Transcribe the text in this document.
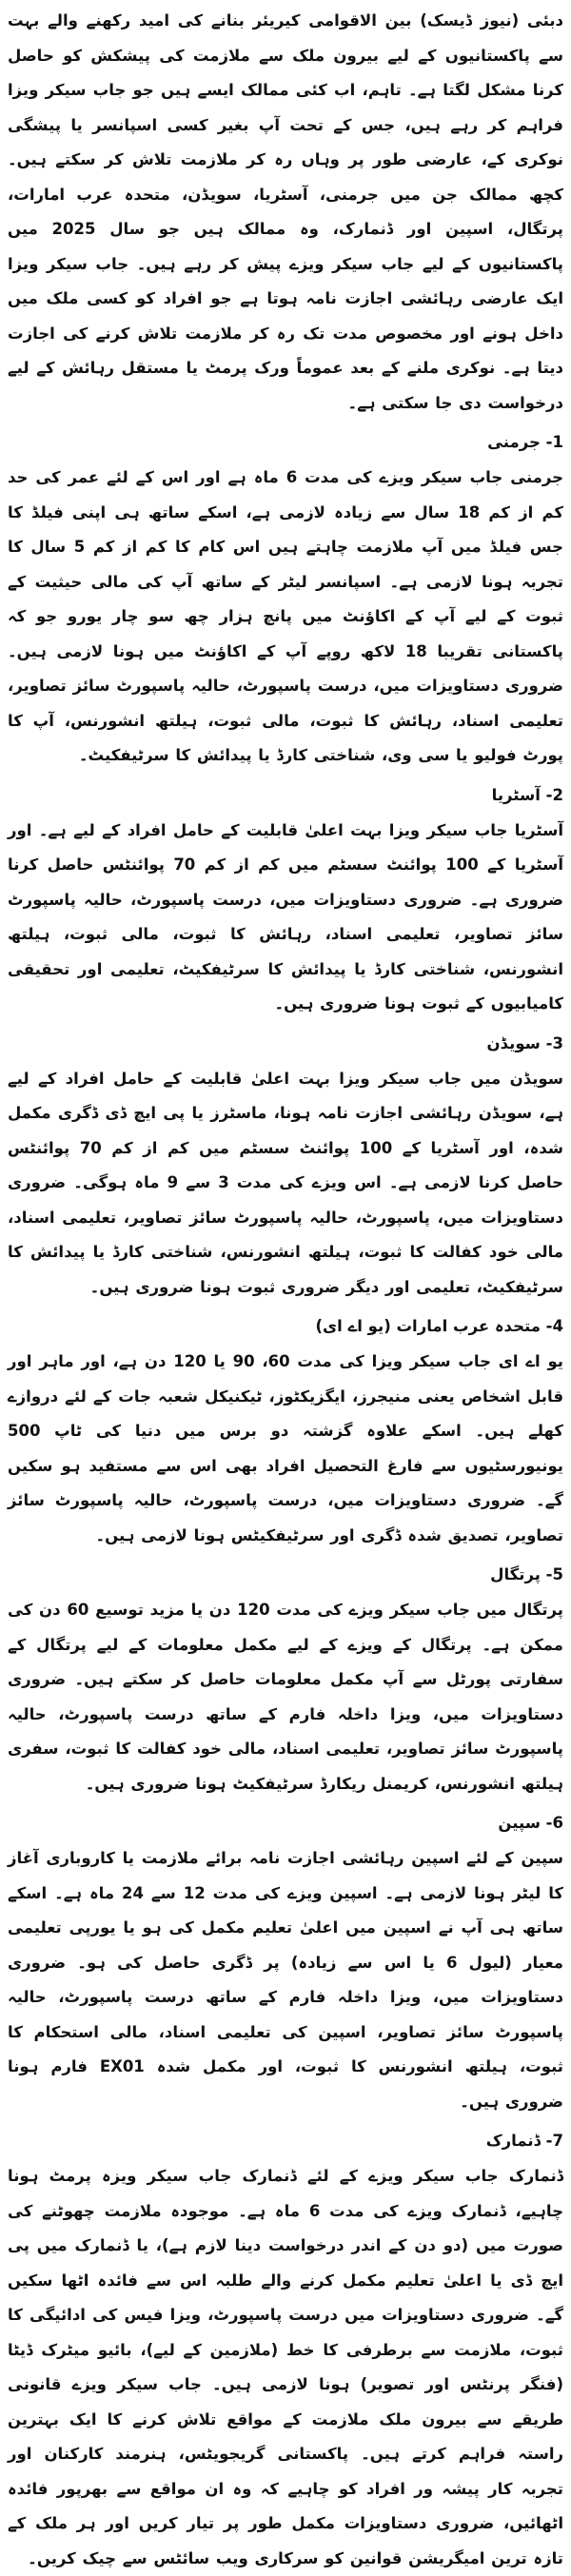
دبئی (نیوز ڈیسک) بین الاقوامی کیریئر بنانے کی امید رکھنے والے بہت سے پاکستانیوں کے لیے بیرون ملک سے ملازمت کی پیشکش کو حاصل کرنا مشکل لگتا ہے۔ تاہم، اب کئی ممالک ایسے ہیں جو جاب سیکر ویزا فراہم کر رہے ہیں، جس کے تحت آپ بغیر کسی اسپانسر یا پیشگی نوکری کے، عارضی طور پر وہاں رہ کر ملازمت تلاش کر سکتے ہیں۔ کچھ ممالک جن میں جرمنی، آسٹریا، سویڈن، متحدہ عرب امارات، پرتگال، اسپین اور ڈنمارک، وہ ممالک ہیں جو سال 2025 میں پاکستانیوں کے لیے جاب سیکر ویزے پیش کر رہے ہیں۔ جاب سیکر ویزا ایک عارضی رہائشی اجازت نامہ ہوتا ہے جو افراد کو کسی ملک میں داخل ہونے اور مخصوص مدت تک رہ کر ملازمت تلاش کرنے کی اجازت دیتا ہے۔ نوکری ملنے کے بعد عموماً ورک پرمٹ یا مستقل رہائش کے لیے درخواست دی جا سکتی ہے۔

1- جرمنی

جرمنی جاب سیکر ویزے کی مدت 6 ماہ ہے اور اس کے لئے عمر کی حد کم از کم 18 سال سے زیادہ لازمی ہے، اسکے ساتھ ہی اپنی فیلڈ کا جس فیلڈ میں آپ ملازمت چاہتے ہیں اس کام کا کم از کم 5 سال کا تجربہ ہونا لازمی ہے۔ اسپانسر لیٹر کے ساتھ آپ کی مالی حیثیت کے ثبوت کے لیے آپ کے اکاؤنٹ میں پانچ ہزار چھ سو چار یورو جو کہ پاکستانی تقریبا 18 لاکھ روپے آپ کے اکاؤنٹ میں ہونا لازمی ہیں۔ ضروری دستاویزات میں، درست پاسپورٹ، حالیہ پاسپورٹ سائز تصاویر، تعلیمی اسناد، رہائش کا ثبوت، مالی ثبوت، ہیلتھ انشورنس، آپ کا پورٹ فولیو یا سی وی، شناختی کارڈ یا پیدائش کا سرٹیفکیٹ۔

2- آسٹریا

آسٹریا جاب سیکر ویزا بہت اعلیٰ قابلیت کے حامل افراد کے لیے ہے۔ اور آسٹریا کے 100 پوائنٹ سسٹم میں کم از کم 70 پوائنٹس حاصل کرنا ضروری ہے۔ ضروری دستاویزات میں، درست پاسپورٹ، حالیہ پاسپورٹ سائز تصاویر، تعلیمی اسناد، رہائش کا ثبوت، مالی ثبوت، ہیلتھ انشورنس، شناختی کارڈ یا پیدائش کا سرٹیفکیٹ، تعلیمی اور تحقیقی کامیابیوں کے ثبوت ہونا ضروری ہیں۔

3- سویڈن

سویڈن میں جاب سیکر ویزا بہت اعلیٰ قابلیت کے حامل افراد کے لیے ہے، سویڈن رہائشی اجازت نامہ ہونا، ماسٹرز یا پی ایچ ڈی ڈگری مکمل شدہ، اور آسٹریا کے 100 پوائنٹ سسٹم میں کم از کم 70 پوائنٹس حاصل کرنا لازمی ہے۔ اس ویزے کی مدت 3 سے 9 ماہ ہوگی۔ ضروری دستاویزات میں، پاسپورٹ، حالیہ پاسپورٹ سائز تصاویر، تعلیمی اسناد، مالی خود کفالت کا ثبوت، ہیلتھ انشورنس، شناختی کارڈ یا پیدائش کا سرٹیفکیٹ، تعلیمی اور دیگر ضروری ثبوت ہونا ضروری ہیں۔

4- متحدہ عرب امارات (یو اے ای)

یو اے ای جاب سیکر ویزا کی مدت 60، 90 یا 120 دن ہے، اور ماہر اور قابل اشخاص یعنی منیجرز، ایگزیکٹوز، ٹیکنیکل شعبہ جات کے لئے دروازے کھلے ہیں۔ اسکے علاوہ گزشتہ دو برس میں دنیا کی ٹاپ 500 یونیورسٹیوں سے فارغ التحصیل افراد بھی اس سے مستفید ہو سکیں گے۔ ضروری دستاویزات میں، درست پاسپورٹ، حالیہ پاسپورٹ سائز تصاویر، تصدیق شدہ ڈگری اور سرٹیفکیٹس ہونا لازمی ہیں۔

5- پرتگال

پرتگال میں جاب سیکر ویزے کی مدت 120 دن یا مزید توسیع 60 دن کی ممکن ہے۔ پرتگال کے ویزے کے لیے مکمل معلومات کے لیے پرتگال کے سفارتی پورٹل سے آپ مکمل معلومات حاصل کر سکتے ہیں۔ ضروری دستاویزات میں، ویزا داخلہ فارم کے ساتھ درست پاسپورٹ، حالیہ پاسپورٹ سائز تصاویر، تعلیمی اسناد، مالی خود کفالت کا ثبوت، سفری ہیلتھ انشورنس، کریمنل ریکارڈ سرٹیفکیٹ ہونا ضروری ہیں۔

6- سپین

سپین کے لئے اسپین رہائشی اجازت نامہ برائے ملازمت یا کاروباری آغاز کا لیٹر ہونا لازمی ہے۔ اسپین ویزے کی مدت 12 سے 24 ماہ ہے۔ اسکے ساتھ ہی آپ نے اسپین میں اعلیٰ تعلیم مکمل کی ہو یا یورپی تعلیمی معیار (لیول 6 یا اس سے زیادہ) پر ڈگری حاصل کی ہو۔ ضروری دستاویزات میں، ویزا داخلہ فارم کے ساتھ درست پاسپورٹ، حالیہ پاسپورٹ سائز تصاویر، اسپین کی تعلیمی اسناد، مالی استحکام کا ثبوت، ہیلتھ انشورنس کا ثبوت، اور مکمل شدہ EX01 فارم ہونا ضروری ہیں۔

7- ڈنمارک

ڈنمارک جاب سیکر ویزے کے لئے ڈنمارک جاب سیکر ویزہ پرمٹ ہونا چاہیے، ڈنمارک ویزے کی مدت 6 ماہ ہے۔ موجودہ ملازمت چھوٹنے کی صورت میں (دو دن کے اندر درخواست دینا لازم ہے)، یا ڈنمارک میں پی ایچ ڈی یا اعلیٰ تعلیم مکمل کرنے والے طلبہ اس سے فائدہ اٹھا سکیں گے۔ ضروری دستاویزات میں درست پاسپورٹ، ویزا فیس کی ادائیگی کا ثبوت، ملازمت سے برطرفی کا خط (ملازمین کے لیے)، بائیو میٹرک ڈیٹا (فنگر پرنٹس اور تصویر) ہونا لازمی ہیں۔ جاب سیکر ویزے قانونی طریقے سے بیرون ملک ملازمت کے مواقع تلاش کرنے کا ایک بہترین راستہ فراہم کرتے ہیں۔ پاکستانی گریجویٹس، ہنرمند کارکنان اور تجربہ کار پیشہ ور افراد کو چاہیے کہ وہ ان مواقع سے بھرپور فائدہ اٹھائیں، ضروری دستاویزات مکمل طور پر تیار کریں اور ہر ملک کے تازہ ترین امیگریشن قوانین کو سرکاری ویب سائٹس سے چیک کریں۔
